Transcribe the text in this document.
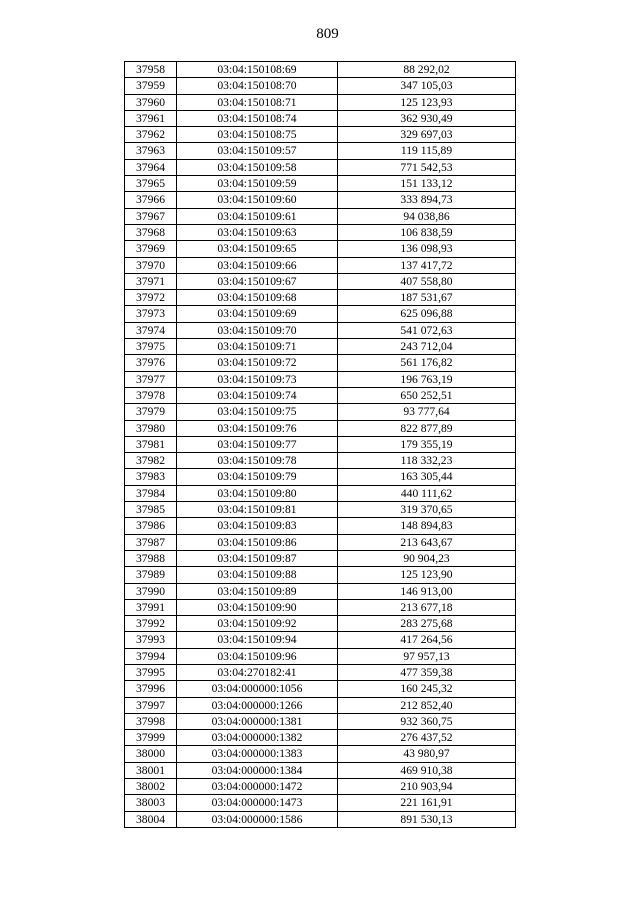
809
37958	03:04:150108:69	88 292,02
37959	03:04:150108:70	347 105,03
37960	03:04:150108:71	125 123,93
37961	03:04:150108:74	362 930,49
37962	03:04:150108:75	329 697,03
37963	03:04:150109:57	119 115,89
37964	03:04:150109:58	771 542,53
37965	03:04:150109:59	151 133,12
37966	03:04:150109:60	333 894,73
37967	03:04:150109:61	94 038,86
37968	03:04:150109:63	106 838,59
37969	03:04:150109:65	136 098,93
37970	03:04:150109:66	137 417,72
37971	03:04:150109:67	407 558,80
37972	03:04:150109:68	187 531,67
37973	03:04:150109:69	625 096,88
37974	03:04:150109:70	541 072,63
37975	03:04:150109:71	243 712,04
37976	03:04:150109:72	561 176,82
37977	03:04:150109:73	196 763,19
37978	03:04:150109:74	650 252,51
37979	03:04:150109:75	93 777,64
37980	03:04:150109:76	822 877,89
37981	03:04:150109:77	179 355,19
37982	03:04:150109:78	118 332,23
37983	03:04:150109:79	163 305,44
37984	03:04:150109:80	440 111,62
37985	03:04:150109:81	319 370,65
37986	03:04:150109:83	148 894,83
37987	03:04:150109:86	213 643,67
37988	03:04:150109:87	90 904,23
37989	03:04:150109:88	125 123,90
37990	03:04:150109:89	146 913,00
37991	03:04:150109:90	213 677,18
37992	03:04:150109:92	283 275,68
37993	03:04:150109:94	417 264,56
37994	03:04:150109:96	97 957,13
37995	03:04:270182:41	477 359,38
37996	03:04:000000:1056	160 245,32
37997	03:04:000000:1266	212 852,40
37998	03:04:000000:1381	932 360,75
37999	03:04:000000:1382	276 437,52
38000	03:04:000000:1383	43 980,97
38001	03:04:000000:1384	469 910,38
38002	03:04:000000:1472	210 903,94
38003	03:04:000000:1473	221 161,91
38004	03:04:000000:1586	891 530,13
